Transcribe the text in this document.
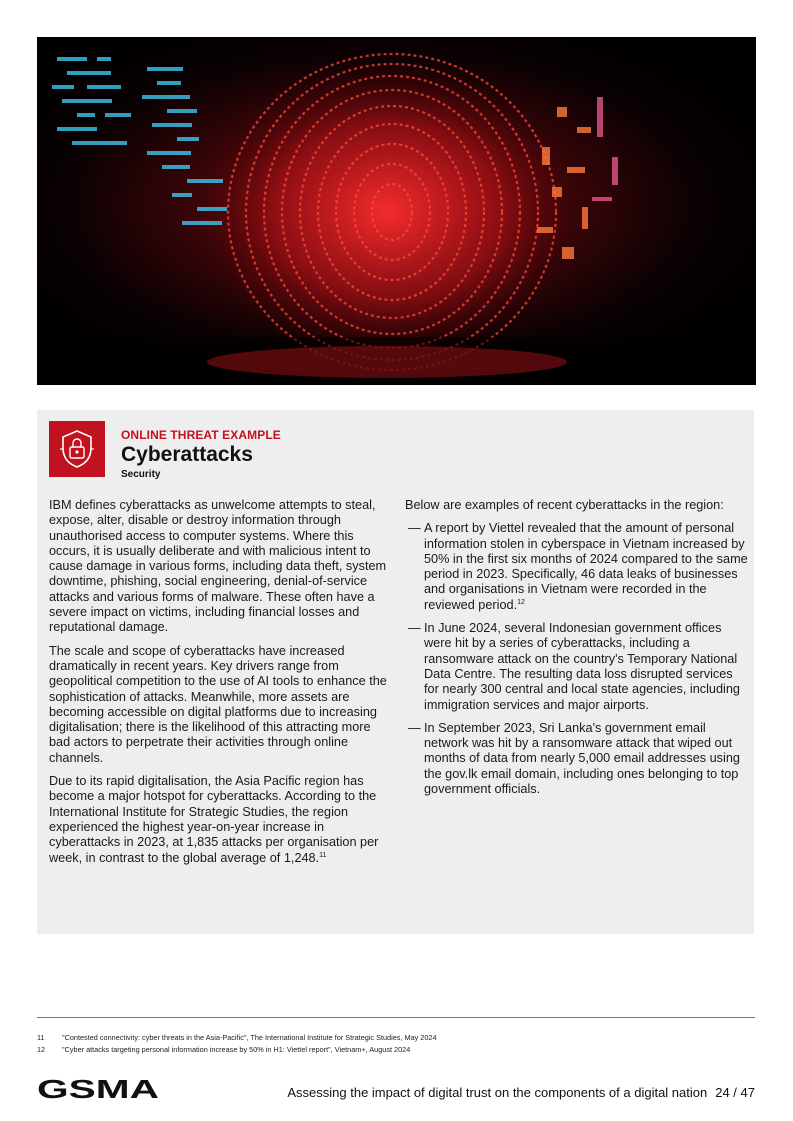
ONLINE THREAT EXAMPLE
Cyberattacks
Security

IBM defines cyberattacks as unwelcome attempts to steal, expose, alter, disable or destroy information through unauthorised access to computer systems. Where this occurs, it is usually deliberate and with malicious intent to cause damage in various forms, including data theft, system downtime, phishing, social engineering, denial-of-service attacks and various forms of malware. These often have a severe impact on victims, including financial losses and reputational damage.

The scale and scope of cyberattacks have increased dramatically in recent years. Key drivers range from geopolitical competition to the use of AI tools to enhance the sophistication of attacks. Meanwhile, more assets are becoming accessible on digital platforms due to increasing digitalisation; there is the likelihood of this attracting more bad actors to perpetrate their activities through online channels.

Due to its rapid digitalisation, the Asia Pacific region has become a major hotspot for cyberattacks. According to the International Institute for Strategic Studies, the region experienced the highest year-on-year increase in cyberattacks in 2023, at 1,835 attacks per organisation per week, in contrast to the global average of 1,248.11

Below are examples of recent cyberattacks in the region:

— A report by Viettel revealed that the amount of personal information stolen in cyberspace in Vietnam increased by 50% in the first six months of 2024 compared to the same period in 2023. Specifically, 46 data leaks of businesses and organisations in Vietnam were recorded in the reviewed period.$^{12}$
— In June 2024, several Indonesian government offices were hit by a series of cyberattacks, including a ransomware attack on the country's Temporary National Data Centre. The resulting data loss disrupted services for nearly 300 central and local state agencies, including immigration services and major airports.
— In September 2023, Sri Lanka's government email network was hit by a ransomware attack that wiped out months of data from nearly 5,000 email addresses using the gov.lk email domain, including ones belonging to top government officials.
11	"Contested connectivity: cyber threats in the Asia-Pacific", The International Institute for Strategic Studies, May 2024
12	"Cyber attacks targeting personal information increase by 50% in H1: Viettel report", Vietnam+, August 2024
GSMA	Assessing the impact of digital trust on the components of a digital nation 24 / 47
